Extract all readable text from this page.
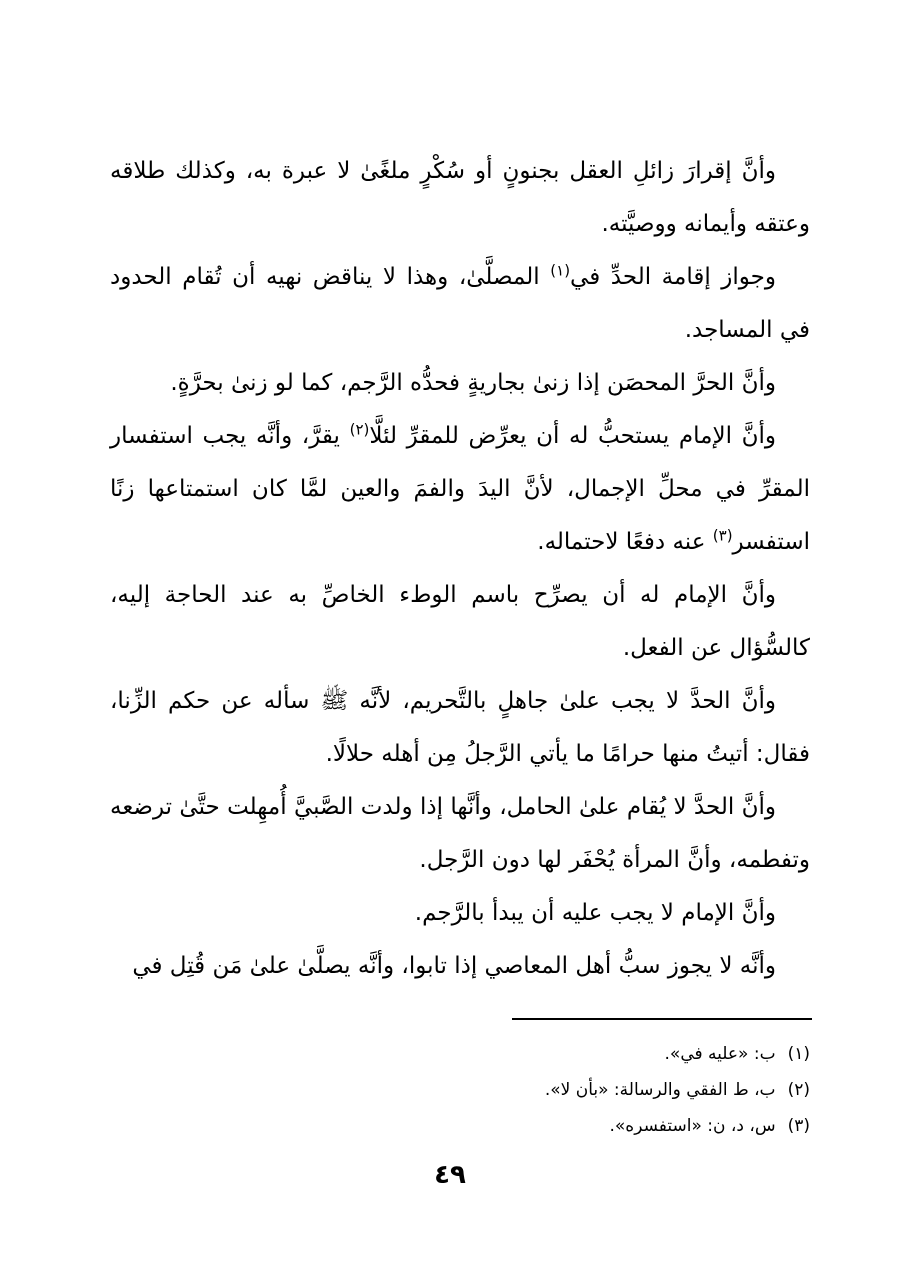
وأنَّ إقرارَ زائلِ العقل بجنونٍ أو سُكْرٍ ملغًىٰ لا عبرة به، وكذلك طلاقه وعتقه وأيمانه ووصيَّته.

وجواز إقامة الحدِّ في$^{(١)}$ المصلَّىٰ، وهذا لا يناقض نهيه أن تُقام الحدود في المساجد.

وأنَّ الحرَّ المحصَن إذا زنىٰ بجاريةٍ فحدُّه الرَّجم، كما لو زنىٰ بحرَّةٍ.

وأنَّ الإمام يستحبُّ له أن يعرِّض للمقرِّ لئلَّا$^{(٢)}$ يقرَّ، وأنَّه يجب استفسار المقرِّ في محلِّ الإجمال، لأنَّ اليدَ والفمَ والعين لمَّا كان استمتاعها زنًا استفسر$^{(٣)}$ عنه دفعًا لاحتماله.

وأنَّ الإمام له أن يصرِّح باسم الوطء الخاصِّ به عند الحاجة إليه، كالسُّؤال عن الفعل.

وأنَّ الحدَّ لا يجب علىٰ جاهلٍ بالتَّحريم، لأنَّه ﷺ سأله عن حكم الزِّنا، فقال: أتيتُ منها حرامًا ما يأتي الرَّجلُ مِن أهله حلالًا.

وأنَّ الحدَّ لا يُقام علىٰ الحامل، وأنَّها إذا ولدت الصَّبيَّ أُمهِلت حتَّىٰ ترضعه وتفطمه، وأنَّ المرأة يُحْفَر لها دون الرَّجل.

وأنَّ الإمام لا يجب عليه أن يبدأ بالرَّجم.

وأنَّه لا يجوز سبُّ أهل المعاصي إذا تابوا، وأنَّه يصلَّىٰ علىٰ مَن قُتِل في

(١)ب: «عليه في».
(٢)ب، ط الفقي والرسالة: «بأن لا».
(٣)س، د، ن: «استفسره».
٤٩
